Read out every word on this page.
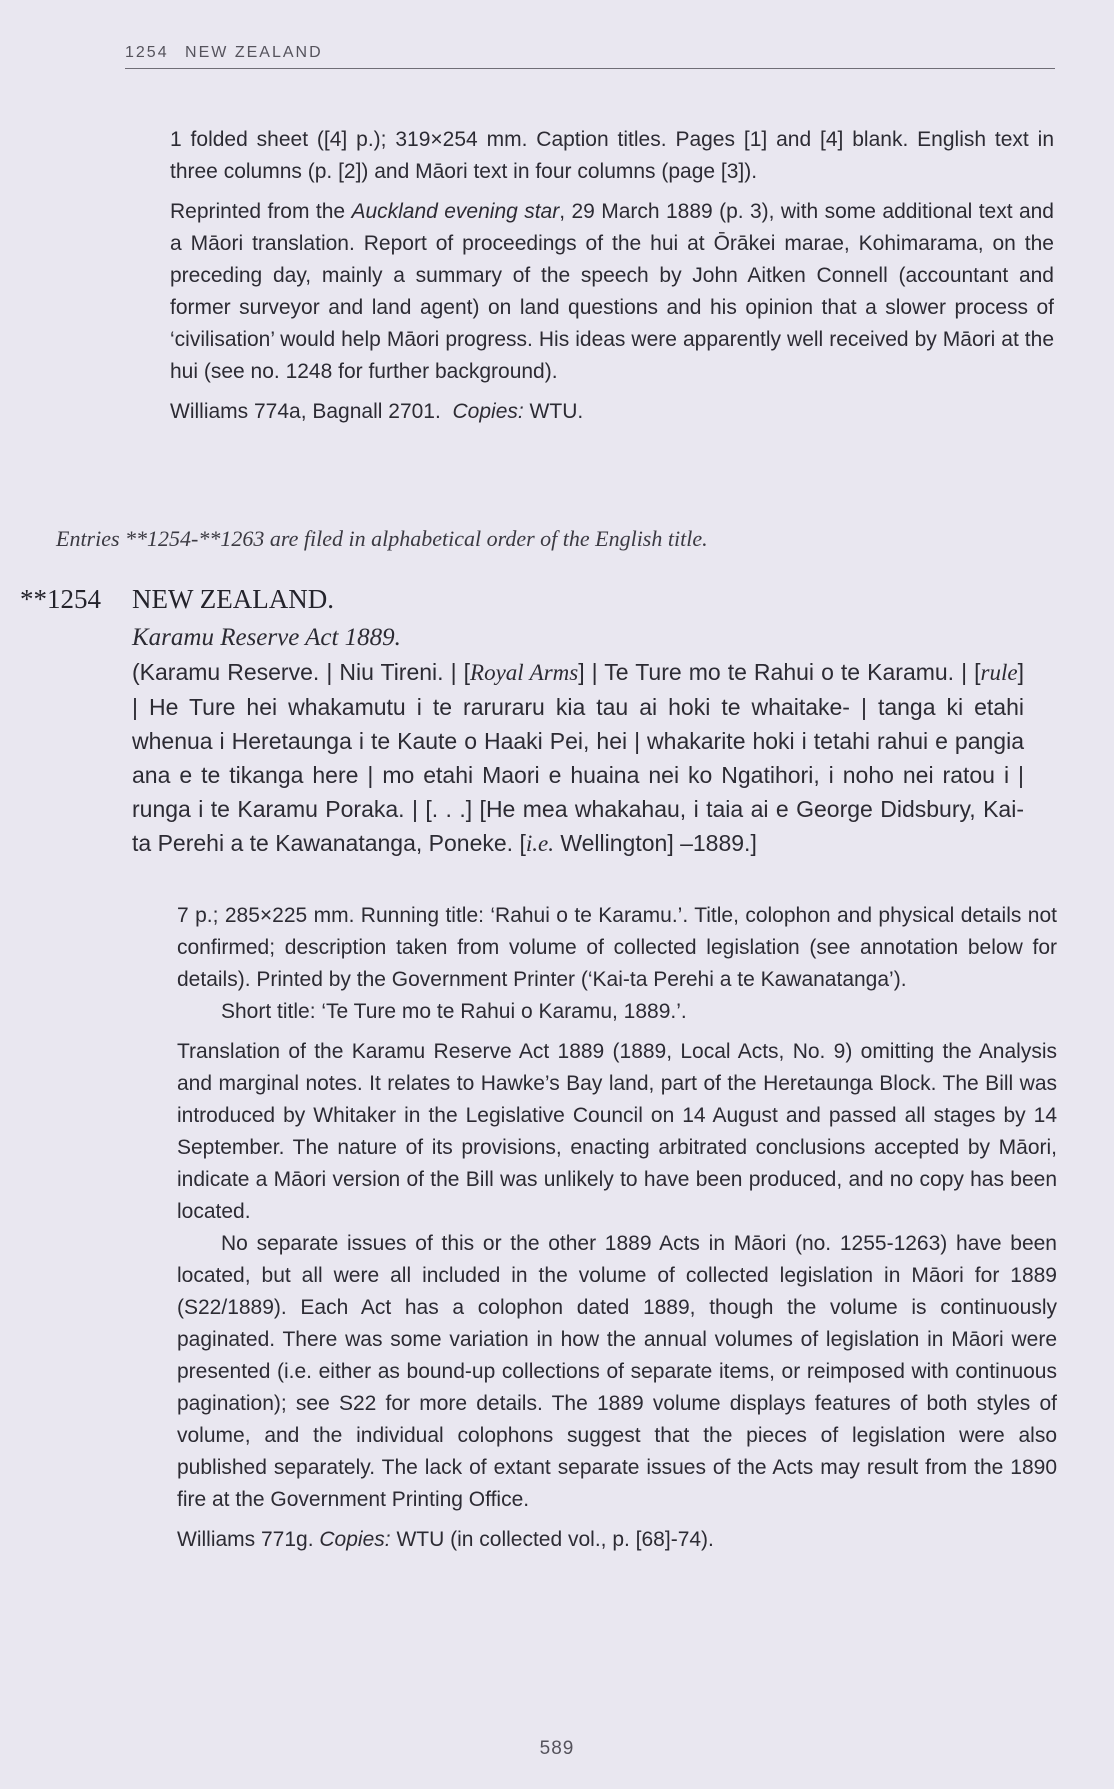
1254 NEW ZEALAND

1 folded sheet ([4] p.); 319×254 mm. Caption titles. Pages [1] and [4] blank. English text in three columns (p. [2]) and Māori text in four columns (page [3]).

Reprinted from the Auckland evening star, 29 March 1889 (p. 3), with some additional text and a Māori translation. Report of proceedings of the hui at Ōrākei marae, Kohimarama, on the preceding day, mainly a summary of the speech by John Aitken Connell (accountant and former surveyor and land agent) on land questions and his opinion that a slower process of ‘civilisation’ would help Māori progress. His ideas were apparently well received by Māori at the hui (see no. 1248 for further background).

Williams 774a, Bagnall 2701. Copies: WTU.

Entries **1254-**1263 are filed in alphabetical order of the English title.
**1254 NEW ZEALAND.
Karamu Reserve Act 1889.
(Karamu Reserve. | Niu Tireni. | [Royal Arms] | Te Ture mo te Rahui o te Karamu. | [rule] | He Ture hei whakamutu i te raruraru kia tau ai hoki te whaitake- | tanga ki etahi whenua i Heretaunga i te Kaute o Haaki Pei, hei | whakarite hoki i tetahi rahui e pangia ana e te tikanga here | mo etahi Maori e huaina nei ko Ngatihori, i noho nei ratou i | runga i te Karamu Poraka. | [. . .] [He mea whakahau, i taia ai e George Didsbury, Kai-ta Perehi a te Kawanatanga, Poneke. [i.e. Wellington] –1889.]

7 p.; 285×225 mm. Running title: ‘Rahui o te Karamu.’. Title, colophon and physical details not confirmed; description taken from volume of collected legislation (see annotation below for details). Printed by the Government Printer (‘Kai-ta Perehi a te Kawanatanga’).

Short title: ‘Te Ture mo te Rahui o Karamu, 1889.’.

Translation of the Karamu Reserve Act 1889 (1889, Local Acts, No. 9) omitting the Analysis and marginal notes. It relates to Hawke’s Bay land, part of the Heretaunga Block. The Bill was introduced by Whitaker in the Legislative Council on 14 August and passed all stages by 14 September. The nature of its provisions, enacting arbitrated conclusions accepted by Māori, indicate a Māori version of the Bill was unlikely to have been produced, and no copy has been located.

No separate issues of this or the other 1889 Acts in Māori (no. 1255-1263) have been located, but all were all included in the volume of collected legislation in Māori for 1889 (S22/1889). Each Act has a colophon dated 1889, though the volume is continuously paginated. There was some variation in how the annual volumes of legislation in Māori were presented (i.e. either as bound-up collections of separate items, or reimposed with continuous pagination); see S22 for more details. The 1889 volume displays features of both styles of volume, and the individual colophons suggest that the pieces of legislation were also published separately. The lack of extant separate issues of the Acts may result from the 1890 fire at the Government Printing Office.

Williams 771g. Copies: WTU (in collected vol., p. [68]-74).

589
